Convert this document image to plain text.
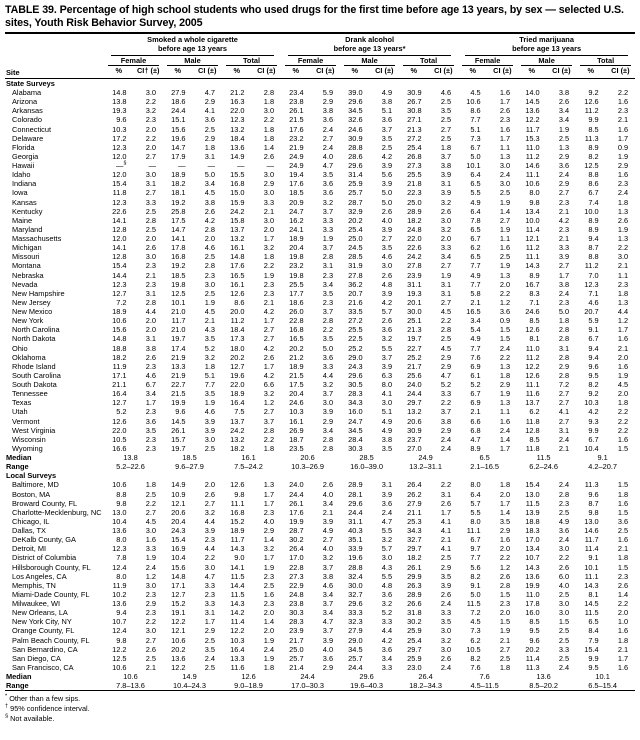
TABLE 39. Percentage of high school students who used drugs for the first time before age 13 years, by sex — selected U.S. sites, Youth Risk Behavior Survey, 2005
Site	
Smoked a whole cigarette
before age 13 years

Drank alcohol
before age 13 years*

Tried marijuana
before age 13 years

	Female		Male		Total		Female		Male		Total		Female		Male		Total	

	%	CI† (±)	%	CI (±)	%	CI (±)	%	CI (±)	%	CI (±)	%	CI (±)	%	CI (±)	%	CI (±)	%	CI (±)
State Surveys																		
Alabama	14.8	3.0	27.9	4.7	21.2	2.8	23.4	5.9	39.0	4.9	30.9	4.6	4.5	1.6	14.0	3.8	9.2	2.2
Arizona	13.8	2.2	18.6	2.9	16.3	1.8	23.8	2.9	29.6	3.8	26.7	2.5	10.6	1.7	14.5	2.6	12.6	1.6
Arkansas	19.3	3.2	24.4	4.1	22.0	3.0	26.1	3.8	34.5	5.1	30.8	3.5	8.6	2.6	13.6	3.4	11.2	2.3
Colorado	9.6	2.3	15.1	3.6	12.3	2.2	21.5	3.6	32.6	3.6	27.1	2.5	7.7	2.3	12.2	3.4	9.9	2.1
Connecticut	10.3	2.0	15.6	2.5	13.2	1.8	17.6	2.4	24.6	3.7	21.3	2.7	5.1	1.6	11.7	1.9	8.5	1.6
Delaware	17.2	2.2	19.6	2.9	18.4	1.8	23.2	2.7	30.9	3.5	27.2	2.5	7.3	1.7	15.3	2.5	11.3	1.7
Florida	12.3	2.0	14.7	1.8	13.6	1.4	21.9	2.4	28.8	2.5	25.4	1.8	6.7	1.1	11.0	1.3	8.9	0.9
Georgia	12.0	2.7	17.9	3.1	14.9	2.6	24.9	4.0	28.6	4.2	26.8	3.7	5.0	1.3	11.2	2.9	8.2	1.9
Hawaii	—§	—	—	—	—	—	24.9	4.7	29.6	3.9	27.3	3.8	10.1	3.0	14.6	3.6	12.5	2.9
Idaho	12.0	3.0	18.9	5.0	15.5	3.0	19.4	3.5	31.4	5.6	25.5	3.9	6.4	2.4	11.1	2.4	8.8	1.6
Indiana	15.4	3.1	18.2	3.4	16.8	2.9	17.6	3.6	25.9	3.9	21.8	3.1	6.5	3.0	10.6	2.9	8.6	2.3
Iowa	11.8	2.7	18.1	4.5	15.0	3.0	18.5	3.6	25.7	5.0	22.3	3.9	5.5	2.5	8.0	2.7	6.7	2.4
Kansas	12.3	3.3	19.2	3.8	15.9	3.3	20.9	3.2	28.7	5.0	25.0	3.2	4.9	1.9	9.8	2.3	7.4	1.8
Kentucky	22.6	2.5	25.8	2.6	24.2	2.1	24.7	3.7	32.9	2.6	28.9	2.6	6.4	1.4	13.4	2.1	10.0	1.3
Maine	14.1	2.8	17.5	4.2	15.8	3.0	16.2	3.3	20.2	4.0	18.2	3.0	7.8	2.7	10.0	4.2	8.9	2.6
Maryland	12.8	2.5	14.7	2.8	13.7	2.0	24.1	3.3	25.4	3.9	24.8	3.2	6.5	1.9	11.4	2.3	8.9	1.9
Massachusetts	12.0	2.0	14.1	2.0	13.2	1.7	18.9	1.9	25.0	2.7	22.0	2.0	6.7	1.1	12.1	2.1	9.4	1.3
Michigan	14.1	2.6	17.8	4.6	16.1	3.2	20.4	3.7	24.5	3.5	22.6	3.3	6.2	1.6	11.2	3.3	8.7	2.2
Missouri	12.8	3.0	16.8	2.5	14.8	1.8	19.8	2.8	28.5	4.6	24.2	3.4	6.5	2.5	11.1	3.9	8.8	3.0
Montana	15.4	2.3	19.2	2.8	17.6	2.2	23.2	3.1	31.9	3.0	27.8	2.7	7.7	1.9	14.3	2.7	11.2	2.1
Nebraska	14.4	2.1	18.5	2.3	16.5	1.9	19.8	2.3	27.8	2.6	23.9	1.9	4.9	1.3	8.9	1.7	7.0	1.1
Nevada	12.3	2.3	19.8	3.0	16.1	2.3	25.5	3.4	36.2	4.8	31.1	3.1	7.7	2.0	16.7	3.8	12.3	2.3
New Hampshire	12.7	3.1	12.5	2.5	12.6	2.3	17.7	3.5	20.7	3.9	19.3	3.1	5.8	2.2	8.3	2.4	7.1	1.8
New Jersey	7.2	2.8	10.1	1.9	8.6	2.1	18.6	2.3	21.6	4.2	20.1	2.7	2.1	1.2	7.1	2.3	4.6	1.3
New Mexico	18.9	4.4	21.0	4.5	20.0	4.2	26.0	3.7	33.5	5.7	30.0	4.5	16.5	3.6	24.6	5.0	20.7	4.4
New York	10.6	2.0	11.7	2.1	11.2	1.7	22.8	2.8	27.2	2.6	25.1	2.2	3.4	0.9	8.5	1.8	5.9	1.2
North Carolina	15.6	2.0	21.0	4.3	18.4	2.7	16.8	2.2	25.5	3.6	21.3	2.8	5.4	1.5	12.6	2.8	9.1	1.7
North Dakota	14.8	3.1	19.7	3.5	17.3	2.7	16.5	3.5	22.5	3.2	19.7	2.5	4.9	1.5	8.1	2.8	6.7	1.6
Ohio	18.8	3.8	17.4	5.2	18.0	4.2	20.2	5.0	25.2	5.5	22.7	4.5	7.7	2.4	11.0	3.1	9.4	2.1
Oklahoma	18.2	2.6	21.9	3.2	20.2	2.6	21.2	3.6	29.0	3.7	25.2	2.9	7.6	2.2	11.2	2.8	9.4	2.0
Rhode Island	11.9	2.3	13.3	1.8	12.7	1.7	18.9	3.3	24.3	3.9	21.7	2.9	6.9	1.3	12.2	2.9	9.6	1.6
South Carolina	17.1	4.6	21.9	5.1	19.6	4.2	21.5	4.4	29.6	6.3	25.6	4.7	6.1	1.8	12.6	2.8	9.5	1.9
South Dakota	21.1	6.7	22.7	7.7	22.0	6.6	17.5	3.2	30.5	8.0	24.0	5.2	5.2	2.9	11.1	7.2	8.2	4.5
Tennessee	16.4	3.4	21.5	3.5	18.9	3.2	20.4	3.7	28.3	4.1	24.4	3.3	6.7	1.9	11.6	2.7	9.2	2.0
Texas	12.7	1.7	19.9	1.9	16.4	1.2	24.6	3.0	34.3	3.0	29.7	2.2	6.9	1.3	13.7	2.7	10.3	1.8
Utah	5.2	2.3	9.6	4.6	7.5	2.7	10.3	3.9	16.0	5.1	13.2	3.7	2.1	1.1	6.2	4.1	4.2	2.2
Vermont	12.6	3.6	14.5	3.9	13.7	3.7	16.1	2.9	24.7	4.9	20.6	3.8	6.6	1.6	11.8	2.7	9.3	2.2
West Virginia	22.0	3.5	26.1	3.9	24.2	2.8	26.9	3.4	34.5	4.9	30.9	2.9	6.8	2.4	12.8	3.1	9.9	2.2
Wisconsin	10.5	2.3	15.7	3.0	13.2	2.2	18.7	2.8	28.4	3.8	23.7	2.4	4.7	1.4	8.5	2.4	6.7	1.6
Wyoming	16.6	2.3	19.7	2.5	18.2	1.8	23.5	2.8	30.3	3.5	27.0	2.4	8.9	1.7	11.8	2.1	10.4	1.5
Median	13.8		18.5		16.1		20.6		28.5		24.9		6.5		11.5		9.1	
Range	5.2–22.6		9.6–27.9		7.5–24.2		10.3–26.9		16.0–39.0		13.2–31.1		2.1–16.5		6.2–24.6		4.2–20.7	
Local Surveys																		
Baltimore, MD	10.6	1.8	14.9	2.0	12.6	1.3	24.0	2.6	28.9	3.1	26.4	2.2	8.0	1.8	15.4	2.4	11.3	1.5
Boston, MA	8.8	2.5	10.9	2.6	9.8	1.7	24.4	4.0	28.1	3.9	26.2	3.1	6.4	2.0	13.0	2.8	9.6	1.8
Broward County, FL	9.8	2.2	12.1	2.7	11.1	1.7	26.1	3.4	29.6	3.6	27.9	2.6	5.7	1.7	11.5	2.3	8.7	1.6
Charlotte-Mecklenburg, NC	13.0	2.7	20.6	3.2	16.8	2.3	17.6	2.1	24.4	2.4	21.1	1.7	5.5	1.4	13.9	2.5	9.8	1.5
Chicago, IL	10.4	4.5	20.4	4.4	15.2	4.0	19.9	3.9	31.1	4.7	25.3	4.1	8.0	3.5	18.8	4.9	13.0	3.6
Dallas, TX	13.6	3.0	24.3	3.9	18.9	2.9	28.7	4.9	40.3	5.5	34.3	4.1	11.1	2.9	18.3	3.6	14.6	2.5
DeKalb County, GA	8.0	1.6	15.4	2.3	11.7	1.4	30.2	2.7	35.1	3.2	32.7	2.1	6.7	1.6	17.0	2.4	11.7	1.6
Detroit, MI	12.3	3.3	16.9	4.4	14.3	3.2	26.4	4.0	33.9	5.7	29.7	4.1	9.7	2.0	13.4	3.0	11.4	2.1
District of Columbia	7.8	1.9	10.4	2.2	9.0	1.7	17.0	3.2	19.6	3.0	18.2	2.5	7.7	2.2	10.7	2.2	9.1	1.8
Hillsborough County, FL	12.4	2.4	15.6	3.0	14.1	1.9	22.8	3.7	28.8	4.3	26.1	2.9	5.6	1.2	14.3	2.6	10.1	1.5
Los Angeles, CA	8.0	1.2	14.8	4.7	11.5	2.3	27.3	3.8	32.4	5.5	29.9	3.5	8.2	2.6	13.6	6.0	11.1	2.3
Memphis, TN	11.9	3.0	17.1	3.3	14.4	2.5	22.9	4.6	30.0	4.8	26.3	3.9	9.1	2.8	19.9	4.0	14.3	2.6
Miami-Dade County, FL	10.2	2.3	12.7	2.3	11.5	1.6	24.8	3.4	32.7	3.6	28.9	2.6	5.0	1.5	11.0	2.5	8.1	1.4
Milwaukee, WI	13.6	2.9	15.2	3.3	14.3	2.3	23.8	3.7	29.6	3.2	26.6	2.4	11.5	2.3	17.8	3.0	14.5	2.2
New Orleans, LA	9.4	2.3	19.1	3.1	14.2	2.0	30.3	3.4	33.3	5.2	31.8	3.3	7.2	2.0	16.0	3.0	11.5	2.0
New York City, NY	10.7	2.2	12.2	1.7	11.4	1.4	28.3	4.7	32.3	3.3	30.2	3.5	4.5	1.5	8.5	1.5	6.5	1.0
Orange County, FL	12.4	3.0	12.1	2.9	12.2	2.0	23.9	3.7	27.9	4.4	25.9	3.0	7.3	1.9	9.5	2.5	8.4	1.6
Palm Beach County, FL	9.8	2.7	10.6	2.5	10.3	1.9	21.7	3.9	29.0	4.2	25.4	3.2	6.2	2.1	9.6	2.5	7.9	1.8
San Bernardino, CA	12.2	2.6	20.2	3.5	16.4	2.4	25.0	4.0	34.5	3.6	29.7	3.0	10.5	2.7	20.2	3.3	15.4	2.1
San Diego, CA	12.5	2.5	13.6	2.4	13.3	1.9	25.7	3.6	25.7	3.4	25.9	2.6	8.2	2.5	11.4	2.5	9.9	1.7
San Francisco, CA	10.6	2.1	12.2	2.5	11.6	1.8	21.4	2.9	24.4	3.3	23.0	2.4	7.6	1.8	11.3	2.4	9.5	1.6
Median	10.6		14.9		12.6		24.4		29.6		26.4		7.6		13.6		10.1	
Range	7.8–13.6		10.4–24.3		9.0–18.9		17.0–30.3		19.6–40.3		18.2–34.3		4.5–11.5		8.5–20.2		6.5–15.4	
* Other than a few sips.
† 95% confidence interval.
§ Not available.
